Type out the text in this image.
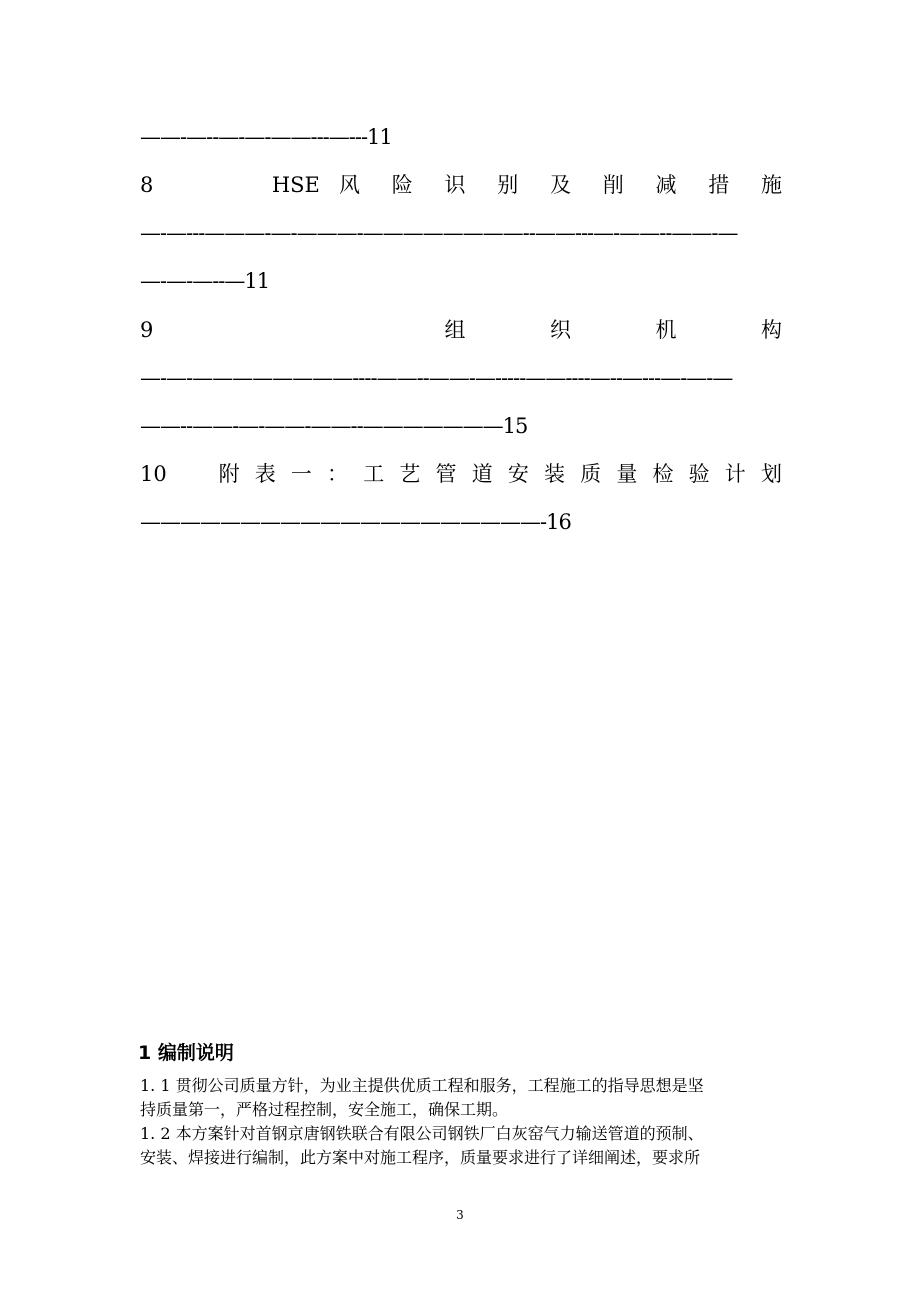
——-—--—-—-——---—---11
8	HSE 风 险 识 别 及 削 减 措 施
—-—---———-—-———-————————--——---—-——--——-—
—-—-—--—11
9	组 织 机 构
—-—-————————----——--——-—-----——----—--—---—-—-—
——--——-—-——-——--———————15
10 附 表 一 ： 工 艺 管 道 安 装 质 量 检 验 计 划
————————————————————-16
1 编制说明
1. 1 贯彻公司质量方针，为业主提供优质工程和服务，工程施工的指导思想是坚
持质量第一，严格过程控制，安全施工，确保工期。
1. 2 本方案针对首钢京唐钢铁联合有限公司钢铁厂白灰窑气力输送管道的预制、
安装、焊接进行编制，此方案中对施工程序，质量要求进行了详细阐述，要求所
3
